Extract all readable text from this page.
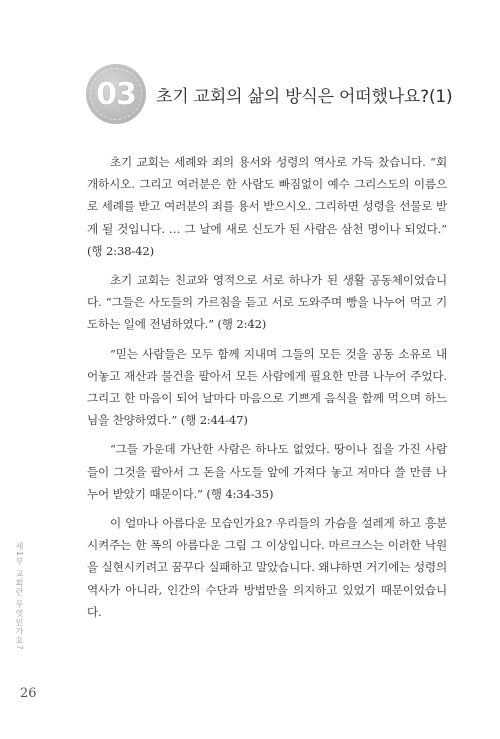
03 초기 교회의 삶의 방식은 어떠했나요?(1)

초기 교회는 세례와 죄의 용서와 성령의 역사로 가득 찼습니다. “회개하시오. 그리고 여러분은 한 사람도 빠짐없이 예수 그리스도의 이름으로 세례를 받고 여러분의 죄를 용서 받으시오. 그리하면 성령을 선물로 받게 될 것입니다. … 그 날에 새로 신도가 된 사람은 삼천 명이나 되었다.” (행 2:38-42)

초기 교회는 친교와 영적으로 서로 하나가 된 생활 공동체이었습니다. “그들은 사도들의 가르침을 듣고 서로 도와주며 빵을 나누어 먹고 기도하는 일에 전념하였다.” (행 2:42)

“믿는 사람들은 모두 함께 지내며 그들의 모든 것을 공동 소유로 내어놓고 재산과 물건을 팔아서 모든 사람에게 필요한 만큼 나누어 주었다. 그리고 한 마음이 되어 날마다 마음으로 기쁘게 음식을 함께 먹으며 하느님을 찬양하였다.” (행 2:44-47)

“그들 가운데 가난한 사람은 하나도 없었다. 땅이나 집을 가진 사람들이 그것을 팔아서 그 돈을 사도들 앞에 가져다 놓고 저마다 쓸 만큼 나누어 받았기 때문이다.” (행 4:34-35)

이 얼마나 아름다운 모습인가요? 우리들의 가슴을 설레게 하고 흥분시켜주는 한 폭의 아름다운 그림 그 이상입니다. 마르크스는 이러한 낙원을 실현시키려고 꿈꾸다 실패하고 말았습니다. 왜냐하면 거기에는 성령의 역사가 아니라, 인간의 수단과 방법만을 의지하고 있었기 때문이었습니다.

세1부 교회란 무엇인가요?
26
